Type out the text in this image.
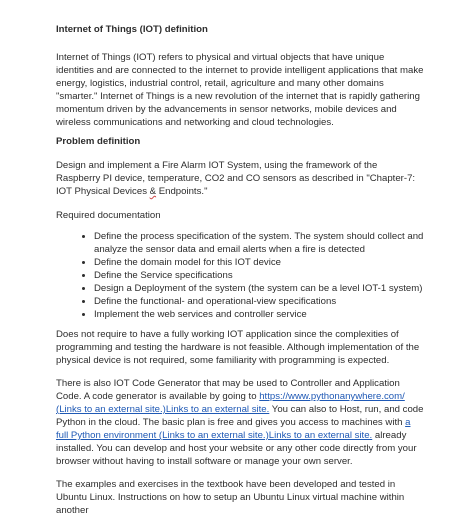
Internet of Things (IOT) definition

Internet of Things (IOT) refers to physical and virtual objects that have unique identities and are connected to the internet to provide intelligent applications that make energy, logistics, industrial control, retail, agriculture and many other domains "smarter." Internet of Things is a new revolution of the internet that is rapidly gathering momentum driven by the advancements in sensor networks, mobile devices and wireless communications and networking and cloud technologies.

Problem definition

Design and implement a Fire Alarm IOT System, using the framework of the Raspberry PI device, temperature, CO2 and CO sensors as described in "Chapter-7: IOT Physical Devices & Endpoints."

Required documentation

• Define the process specification of the system. The system should collect and analyze the sensor data and email alerts when a fire is detected
• Define the domain model for this IOT device
• Define the Service specifications
• Design a Deployment of the system (the system can be a level IOT-1 system)
• Define the functional- and operational-view specifications
• Implement the web services and controller service

Does not require to have a fully working IOT application since the complexities of programming and testing the hardware is not feasible. Although implementation of the physical device is not required, some familiarity with programming is expected.

There is also IOT Code Generator that may be used to Controller and Application Code. A code generator is available by going to https://www.pythonanywhere.com/ (Links to an external site.)Links to an external site. You can also to Host, run, and code Python in the cloud. The basic plan is free and gives you access to machines with a full Python environment (Links to an external site.)Links to an external site. already installed. You can develop and host your website or any other code directly from your browser without having to install software or manage your own server.

The examples and exercises in the textbook have been developed and tested in Ubuntu Linux. Instructions on how to setup an Ubuntu Linux virtual machine within another
